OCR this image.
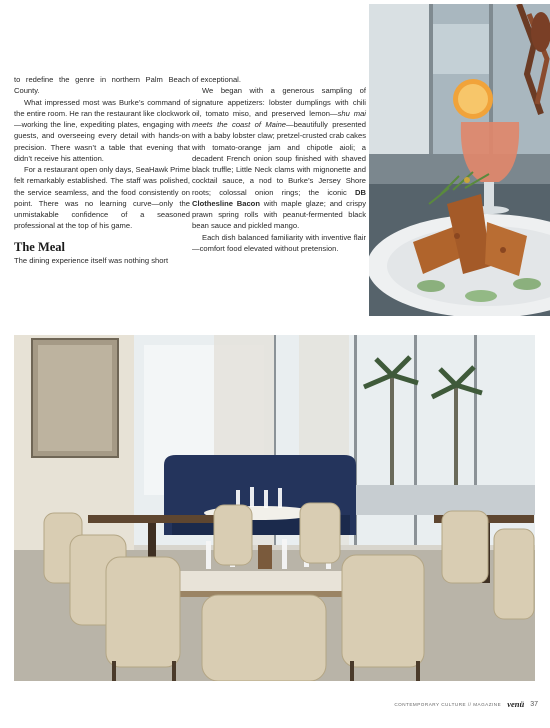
to redefine the genre in northern Palm Beach County.

What impressed most was Burke’s command of the entire room. He ran the restaurant like clockwork—working the line, expediting plates, engaging with guests, and overseeing every detail with hands-on precision. There wasn’t a table that evening that didn’t receive his attention.

For a restaurant open only days, SeaHawk Prime felt remarkably established. The staff was polished, the service seamless, and the food consistently on point. There was no learning curve—only the unmistakable confidence of a seasoned professional at the top of his game.

The Meal

The dining experience itself was nothing short

of exceptional.

We began with a generous sampling of signature appetizers: lobster dumplings with chili oil, tomato miso, and preserved lemon—shu mai meets the coast of Maine—beautifully presented with a baby lobster claw; pretzel-crusted crab cakes with tomato-orange jam and chipotle aioli; a decadent French onion soup finished with shaved black truffle; Little Neck clams with mignonette and cocktail sauce, a nod to Burke’s Jersey Shore roots; colossal onion rings; the iconic DB Clothesline Bacon with maple glaze; and crispy prawn spring rolls with peanut-fermented black bean sauce and pickled mango.

Each dish balanced familiarity with inventive flair—comfort food elevated without pretension.

CONTEMPORARY CULTURE // MAGAZINE venü 37
